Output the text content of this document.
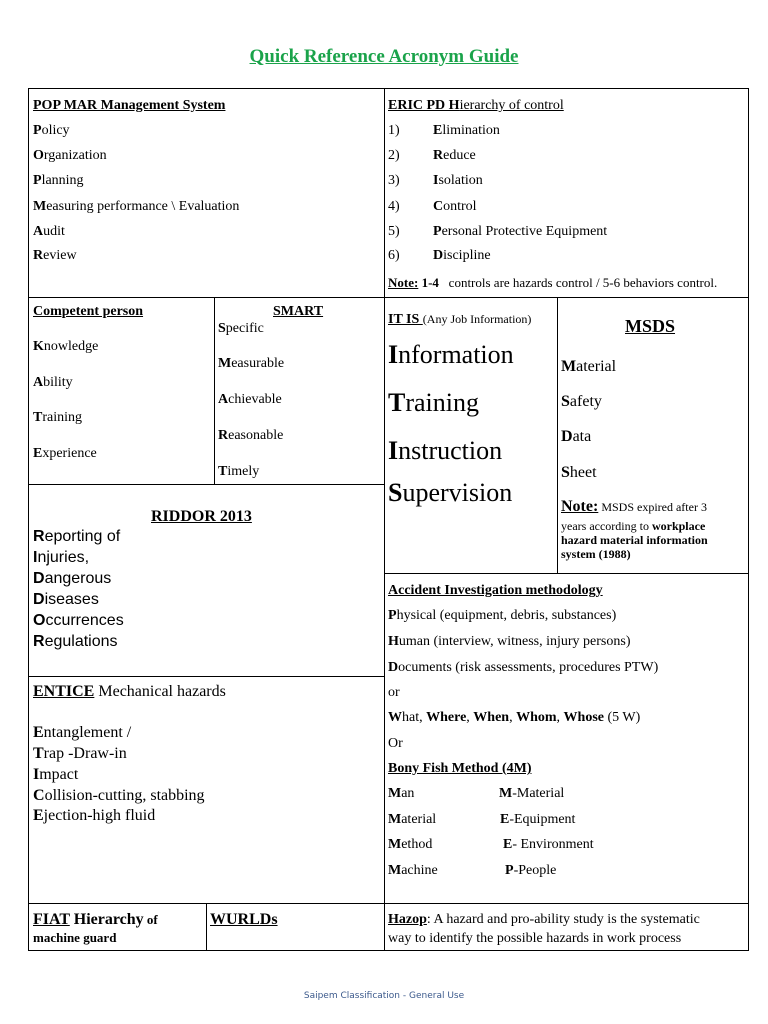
Quick Reference Acronym Guide
POP MAR Management System
Policy
Organization
Planning
Measuring performance \ Evaluation
Audit
Review
ERIC PD Hierarchy of control
1) Elimination
2) Reduce
3) Isolation
4) Control
5) Personal Protective Equipment
6) Discipline
Note: 1-4 controls are hazards control / 5-6 behaviors control.
Competent person
Knowledge
Ability
Training
Experience
SMART
Specific
Measurable
Achievable
Reasonable
Timely
IT IS (Any Job Information)
Information
Training
Instruction
Supervision
MSDS
Material
Safety
Data
Sheet
Note: MSDS expired after 3
years according to workplace
hazard material information
system (1988)
RIDDOR 2013
Reporting of
Injuries,
Dangerous
Diseases
Occurrences
Regulations
Accident Investigation methodology
Physical (equipment, debris, substances)
Human (interview, witness, injury persons)
Documents (risk assessments, procedures PTW)
or
What, Where, When, Whom, Whose (5 W)
Or
Bony Fish Method (4M)
Man
Material
Method
Machine
M-Material
E-Equipment
E- Environment
P-People
ENTICE Mechanical hazards
Entanglement /
Trap -Draw-in
Impact
Collision-cutting, stabbing
Ejection-high fluid
FIAT Hierarchy of
machine guard
WURLDs	Hazop: A hazard and pro-ability study is the systematic
way to identify the possible hazards in work process
Saipem Classification - General Use
